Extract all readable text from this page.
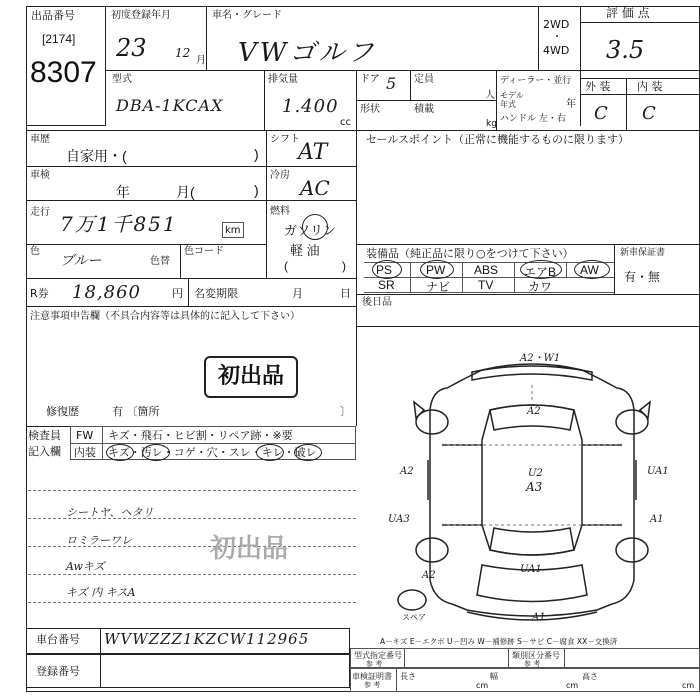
出品番号
[2174]
8307
初度登録年月
23 12
月
車名・グレード
VWゴルフ
2WD
・
4WD
評 価 点
3.5
型式
DBA-1KCAX
排気量
1.400
cc
ドア 5 定員
人
形状	積載
kg
ディーラー・並行
モデル年式	年
ハンドル 左・右
外 装 内 装
C C
車歴
自家用・(	)
シフト
AT
車検
年	月(	)
冷房
AC
走行 7万1千851	km
燃料
ガソリン
軽 油
(	)
色
ブルー	色替
色コード
セールスポイント（正常に機能するものに限ります）
装備品（純正品に限り○をつけて下さい）	新車保証書
有・無
PS	PW ABS エアB AW
SR	ナビ TV	カワ
R券 18,860	円 名変期限	月	日
後日品
注意事項申告欄（不具合内容等は具体的に記入して下さい）
初出品
修復歴	有 〔箇所	〕
検査員
記入欄
FW キズ・飛石・ヒビ割・リペア跡・※要
内装 キズ・汚レ・コゲ・穴・スレ・キレ・破レ
シートヤ、ヘタリ
ロミラーワレ
Awキズ
キズ 内 キスA
初出品
A2・W1
A2
U2
A3
A2	UA1
UA3	A1
A2
UA1
A1
スペア
車台番号 WVWZZZ1KZCW112965
登録番号
A－キズ E－エクボ U－凹み W－補修跡 S－サビ C－腐食 XX－交換済
型式指定番号
参 考
類別区分番号
参 考
車検証明書
参 考
長さ
cm
幅
cm
高さ
cm
